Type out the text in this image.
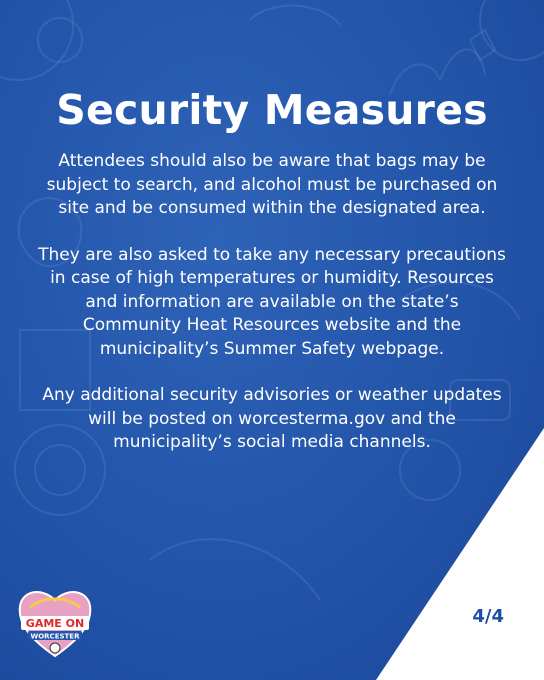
Security Measures

Attendees should also be aware that bags may be subject to search, and alcohol must be purchased on site and be consumed within the designated area.

They are also asked to take any necessary precautions in case of high temperatures or humidity. Resources and information are available on the state’s Community Heat Resources website and the municipality’s Summer Safety webpage.

Any additional security advisories or weather updates will be posted on worcesterma.gov and the municipality’s social media channels.

GAME ON
WORCESTER
4/4
